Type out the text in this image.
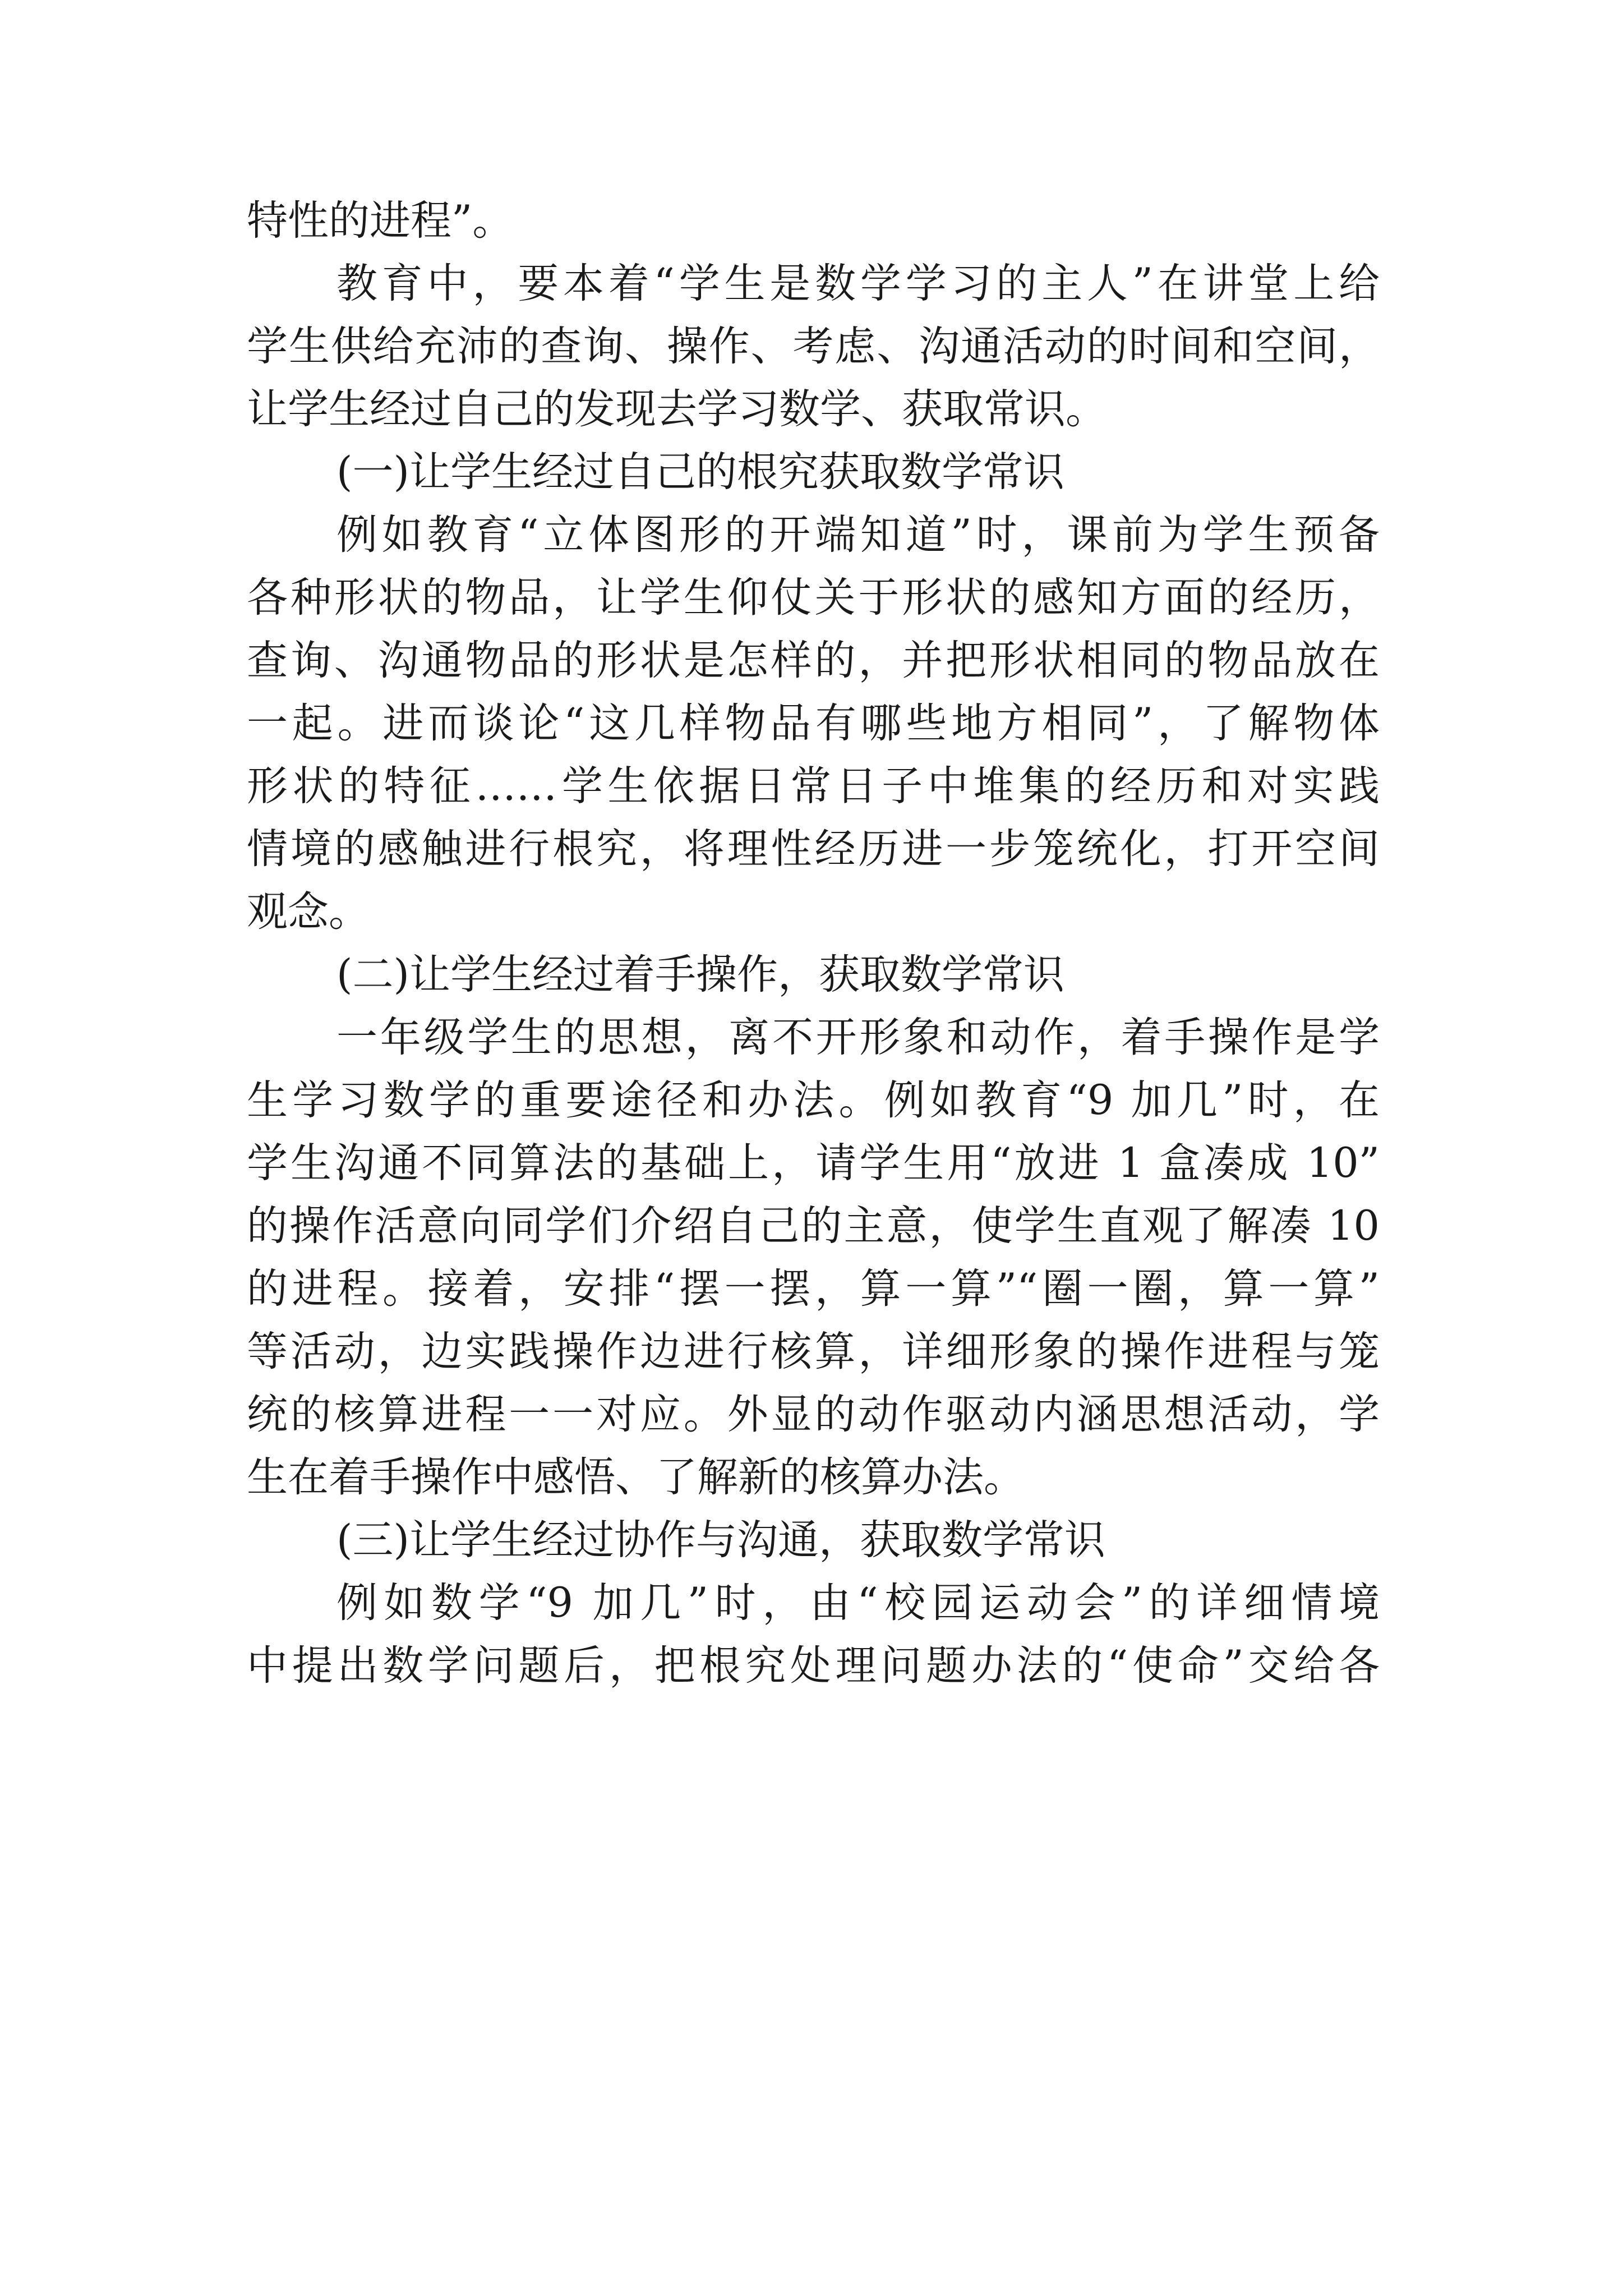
特性的进程”。
教育中，要本着“学生是数学学习的主人”在讲堂上给
学生供给充沛的查询、操作、考虑、沟通活动的时间和空间，
让学生经过自己的发现去学习数学、获取常识。
(一)让学生经过自己的根究获取数学常识
例如教育“立体图形的开端知道”时，课前为学生预备
各种形状的物品，让学生仰仗关于形状的感知方面的经历，
查询、沟通物品的形状是怎样的，并把形状相同的物品放在
一起。进而谈论“这几样物品有哪些地方相同”，了解物体
形状的特征……学生依据日常日子中堆集的经历和对实践
情境的感触进行根究，将理性经历进一步笼统化，打开空间
观念。
(二)让学生经过着手操作，获取数学常识
一年级学生的思想，离不开形象和动作，着手操作是学
生学习数学的重要途径和办法。例如教育“9 加几”时，在
学生沟通不同算法的基础上，请学生用“放进 1 盒凑成 10”
的操作活意向同学们介绍自己的主意，使学生直观了解凑 10
的进程。接着，安排“摆一摆，算一算”“圈一圈，算一算”
等活动，边实践操作边进行核算，详细形象的操作进程与笼
统的核算进程一一对应。外显的动作驱动内涵思想活动，学
生在着手操作中感悟、了解新的核算办法。
(三)让学生经过协作与沟通，获取数学常识
例如数学“9 加几”时，由“校园运动会”的详细情境
中提出数学问题后，把根究处理问题办法的“使命”交给各
